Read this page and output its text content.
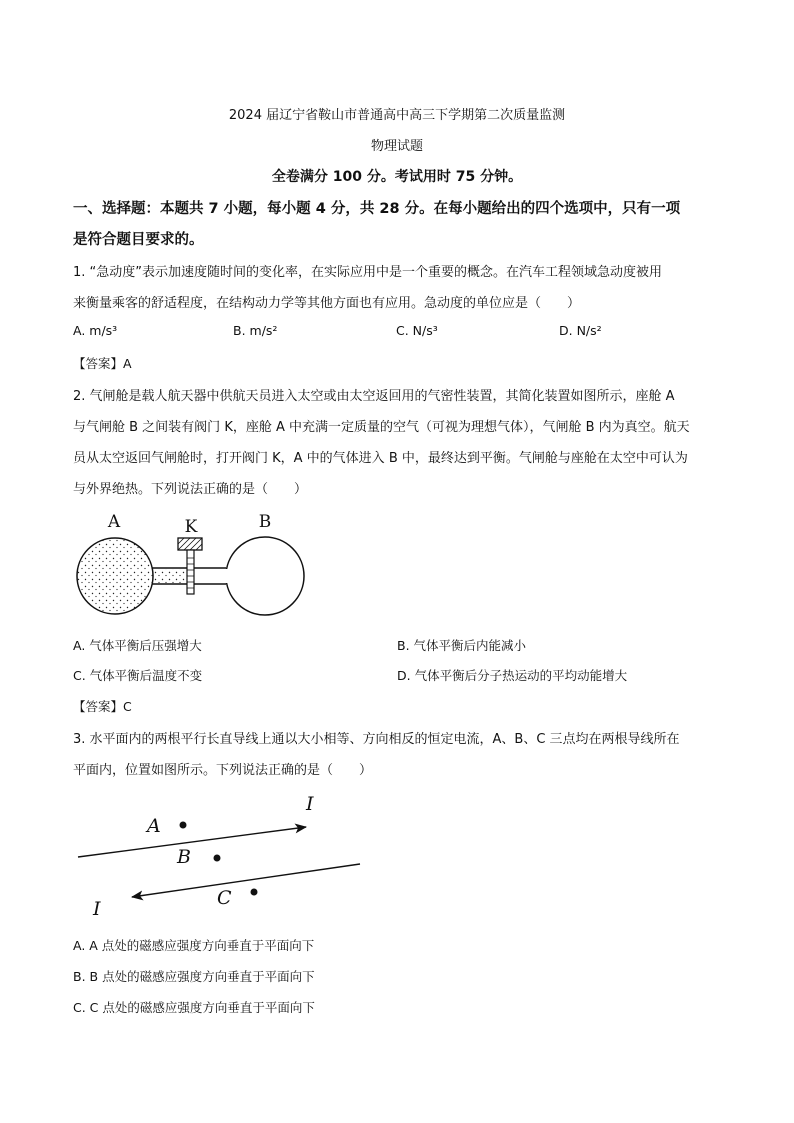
2024 届辽宁省鞍山市普通高中高三下学期第二次质量监测
物理试题
全卷满分 100 分。考试用时 75 分钟。
一、选择题：本题共 7 小题，每小题 4 分，共 28 分。在每小题给出的四个选项中，只有一项
是符合题目要求的。
1. “急动度”表示加速度随时间的变化率，在实际应用中是一个重要的概念。在汽车工程领域急动度被用
来衡量乘客的舒适程度，在结构动力学等其他方面也有应用。急动度的单位应是（　　）
A. m/s³	B. m/s²	C. N/s³	D. N/s²
【答案】A
2. 气闸舱是载人航天器中供航天员进入太空或由太空返回用的气密性装置，其简化装置如图所示，座舱 A
与气闸舱 B 之间装有阀门 K，座舱 A 中充满一定质量的空气（可视为理想气体），气闸舱 B 内为真空。航天
员从太空返回气闸舱时，打开阀门 K，A 中的气体进入 B 中，最终达到平衡。气闸舱与座舱在太空中可认为
与外界绝热。下列说法正确的是（　　）
A	K	B
A. 气体平衡后压强增大	B. 气体平衡后内能减小
C. 气体平衡后温度不变	D. 气体平衡后分子热运动的平均动能增大
【答案】C
3. 水平面内的两根平行长直导线上通以大小相等、方向相反的恒定电流，A、B、C 三点均在两根导线所在
平面内，位置如图所示。下列说法正确的是（　　）
I
I
A
B
C
A. A 点处的磁感应强度方向垂直于平面向下
B. B 点处的磁感应强度方向垂直于平面向下
C. C 点处的磁感应强度方向垂直于平面向下
